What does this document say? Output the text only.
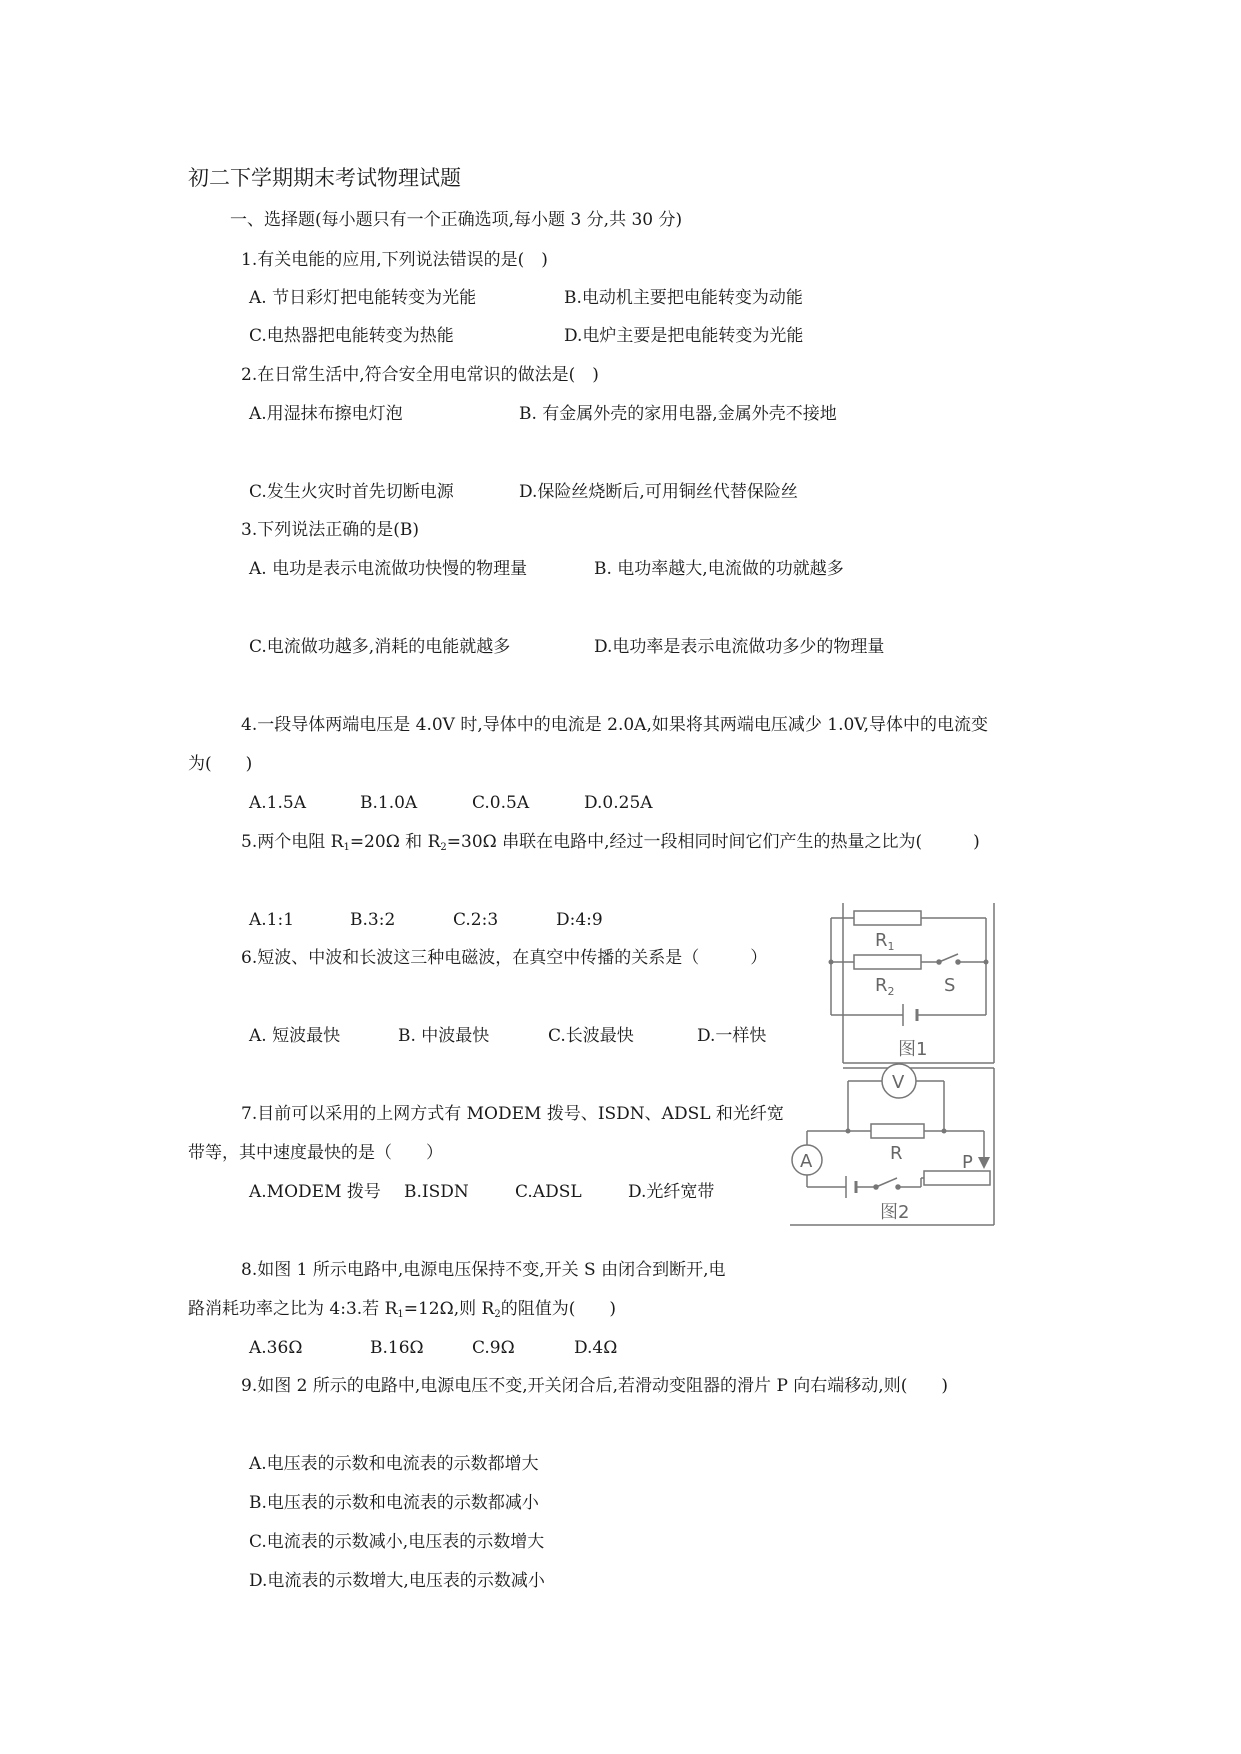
初二下学期期末考试物理试题
一、选择题(每小题只有一个正确选项,每小题 3 分,共 30 分)
1.有关电能的应用,下列说法错误的是(　)
A. 节日彩灯把电能转变为光能	B.电动机主要把电能转变为动能
C.电热器把电能转变为热能	D.电炉主要是把电能转变为光能
2.在日常生活中,符合安全用电常识的做法是(　)
A.用湿抹布擦电灯泡	B. 有金属外壳的家用电器,金属外壳不接地
C.发生火灾时首先切断电源	D.保险丝烧断后,可用铜丝代替保险丝
3.下列说法正确的是(B)
A. 电功是表示电流做功快慢的物理量	B. 电功率越大,电流做的功就越多
C.电流做功越多,消耗的电能就越多	D.电功率是表示电流做功多少的物理量
4.一段导体两端电压是 4.0V 时,导体中的电流是 2.0A,如果将其两端电压减少 1.0V,导体中的电流变
为(　　)
A.1.5A	B.1.0A	C.0.5A	D.0.25A
5.两个电阻 $R_1=20\Omega$ 和 $R_2=30\Omega$ 串联在电路中,经过一段相同时间它们产生的热量之比为(　　　)
A.1:1	B.3:2	C.2:3	D:4:9
6.短波、中波和长波这三种电磁波，在真空中传播的关系是（　　　）
A. 短波最快	B. 中波最快	C.长波最快	D.一样快
7.目前可以采用的上网方式有 MODEM 拨号、ISDN、ADSL 和光纤宽
带等，其中速度最快的是（　　）
A.MODEM 拨号 B.ISDN	C.ADSL	D.光纤宽带
8.如图 1 所示电路中,电源电压保持不变,开关 S 由闭合到断开,电
路消耗功率之比为 4:3.若 $R_1=12\Omega$,则 $R_2$的阻值为(　　)
A.36Ω	B.16Ω	C.9Ω	D.4Ω
9.如图 2 所示的电路中,电源电压不变,开关闭合后,若滑动变阻器的滑片 P 向右端移动,则(　　)
A.电压表的示数和电流表的示数都增大
B.电压表的示数和电流表的示数都减小
C.电流表的示数减小,电压表的示数增大
D.电流表的示数增大,电压表的示数减小
$R_1$
$R_2$	S
图1
V
A	R	P
图2
